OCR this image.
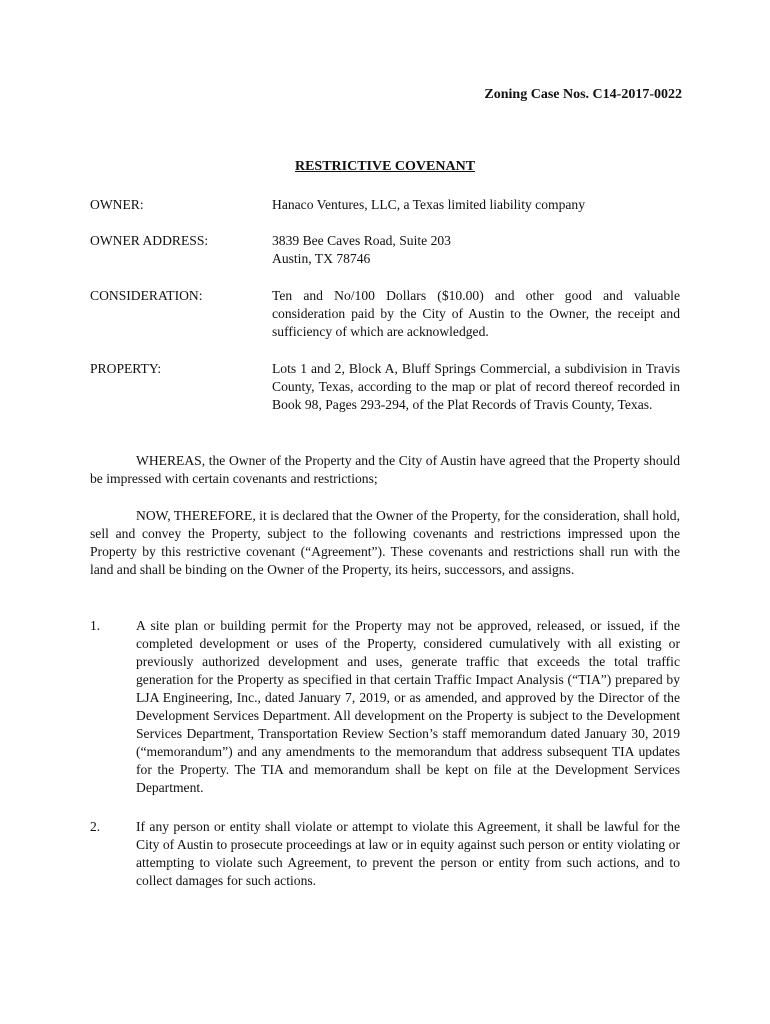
Zoning Case Nos. C14-2017-0022
RESTRICTIVE COVENANT
OWNER:	Hanaco Ventures, LLC, a Texas limited liability company
OWNER ADDRESS:	3839 Bee Caves Road, Suite 203
Austin, TX 78746
CONSIDERATION:	Ten and No/100 Dollars ($10.00) and other good and valuable consideration paid by the City of Austin to the Owner, the receipt and sufficiency of which are acknowledged.
PROPERTY:	Lots 1 and 2, Block A, Bluff Springs Commercial, a subdivision in Travis County, Texas, according to the map or plat of record thereof recorded in Book 98, Pages 293-294, of the Plat Records of Travis County, Texas.
WHEREAS, the Owner of the Property and the City of Austin have agreed that the Property should be impressed with certain covenants and restrictions;
NOW, THEREFORE, it is declared that the Owner of the Property, for the consideration, shall hold, sell and convey the Property, subject to the following covenants and restrictions impressed upon the Property by this restrictive covenant (“Agreement”). These covenants and restrictions shall run with the land and shall be binding on the Owner of the Property, its heirs, successors, and assigns.
1.	A site plan or building permit for the Property may not be approved, released, or issued, if the completed development or uses of the Property, considered cumulatively with all existing or previously authorized development and uses, generate traffic that exceeds the total traffic generation for the Property as specified in that certain Traffic Impact Analysis (“TIA”) prepared by LJA Engineering, Inc., dated January 7, 2019, or as amended, and approved by the Director of the Development Services Department. All development on the Property is subject to the Development Services Department, Transportation Review Section’s staff memorandum dated January 30, 2019 (“memorandum”) and any amendments to the memorandum that address subsequent TIA updates for the Property. The TIA and memorandum shall be kept on file at the Development Services Department.
2.	If any person or entity shall violate or attempt to violate this Agreement, it shall be lawful for the City of Austin to prosecute proceedings at law or in equity against such person or entity violating or attempting to violate such Agreement, to prevent the person or entity from such actions, and to collect damages for such actions.
